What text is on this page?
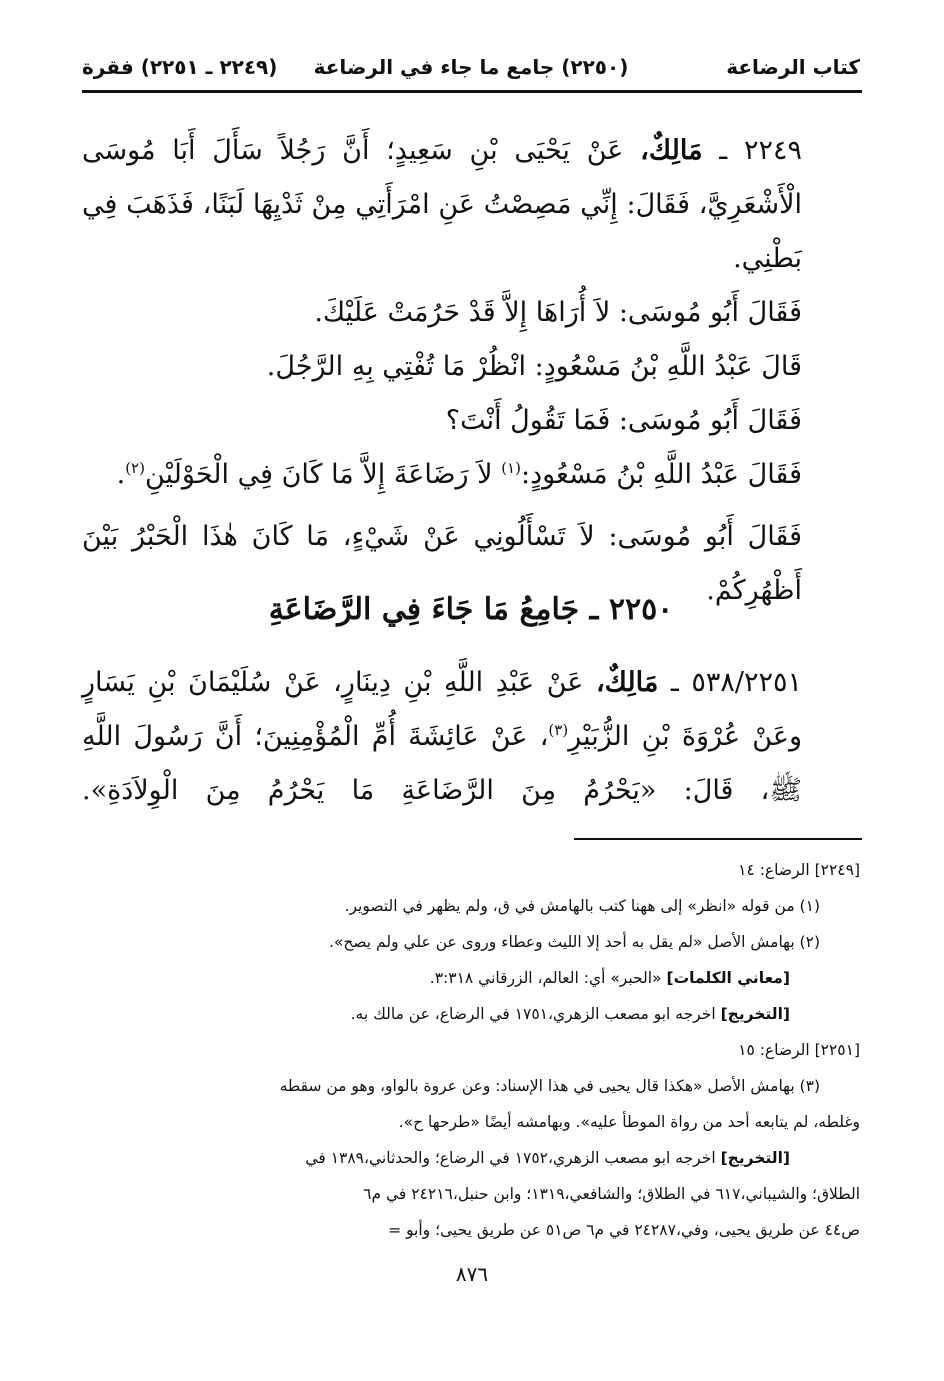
كتاب الرضاعة
(٢٢٥٠) جامع ما جاء في الرضاعة
(٢٢٤٩ ـ ٢٢٥١) فقرة

٢٢٤٩ ـ مَالِكٌ، عَنْ يَحْيَى بْنِ سَعِيدٍ؛ أَنَّ رَجُلاً سَأَلَ أَبَا مُوسَى الْأَشْعَرِيَّ، فَقَالَ: إِنِّي مَصِصْتُ عَنِ امْرَأَتِي مِنْ ثَدْيِهَا لَبَنًا، فَذَهَبَ فِي بَطْنِي.

فَقَالَ أَبُو مُوسَى: لاَ أُرَاهَا إِلاَّ قَدْ حَرُمَتْ عَلَيْكَ.

قَالَ عَبْدُ اللَّهِ بْنُ مَسْعُودٍ: انْظُرْ مَا تُفْتِي بِهِ الرَّجُلَ.

فَقَالَ أَبُو مُوسَى: فَمَا تَقُولُ أَنْتَ؟

فَقَالَ عَبْدُ اللَّهِ بْنُ مَسْعُودٍ:$^{(١)}$ لاَ رَضَاعَةَ إِلاَّ مَا كَانَ فِي الْحَوْلَيْنِ$^{(٢)}$.

فَقَالَ أَبُو مُوسَى: لاَ تَسْأَلُونِي عَنْ شَيْءٍ، مَا كَانَ هٰذَا الْحَبْرُ بَيْنَ أَظْهُرِكُمْ.

٢٢٥٠ ـ جَامِعُ مَا جَاءَ فِي الرَّضَاعَةِ

٥٣٨/٢٢٥١ ـ مَالِكٌ، عَنْ عَبْدِ اللَّهِ بْنِ دِينَارٍ، عَنْ سُلَيْمَانَ بْنِ يَسَارٍ وعَنْ عُرْوَةَ بْنِ الزُّبَيْرِ$^{(٣)}$، عَنْ عَائِشَةَ أُمِّ الْمُؤْمِنِينَ؛ أَنَّ رَسُولَ اللَّهِ ﷺ، قَالَ: «يَحْرُمُ مِنَ الرَّضَاعَةِ مَا يَحْرُمُ مِنَ الْوِلاَدَةِ».

[٢٢٤٩] الرضاع: ١٤

(١) من قوله «انظر» إلى ههنا كتب بالهامش في ق، ولم يظهر في التصوير.

(٢) بهامش الأصل «لم يقل به أحد إلا الليث وعطاء وروى عن علي ولم يصح».

[معاني الكلمات] «الحبر» أي: العالم، الزرقاني ٣:٣١٨.

[التخريج] اخرجه ابو مصعب الزهري،١٧٥١ في الرضاع، عن مالك به.

[٢٢٥١] الرضاع: ١٥

(٣) بهامش الأصل «هكذا قال يحيى في هذا الإسناد: وعن عروة بالواو، وهو من سقطه

وغلطه، لم يتابعه أحد من رواة الموطأ عليه». وبهامشه أيضًا «طرحها ح».

[التخريج] اخرجه ابو مصعب الزهري،١٧٥٢ في الرضاع؛ والحدثاني،١٣٨٩ في

الطلاق؛ والشيباني،٦١٧ في الطلاق؛ والشافعي،١٣١٩؛ وابن حنبل،٢٤٢١٦ في م٦

ص٤٤ عن طريق يحيى، وفي،٢٤٢٨٧ في م٦ ص٥١ عن طريق يحيى؛ وأبو =

٨٧٦
